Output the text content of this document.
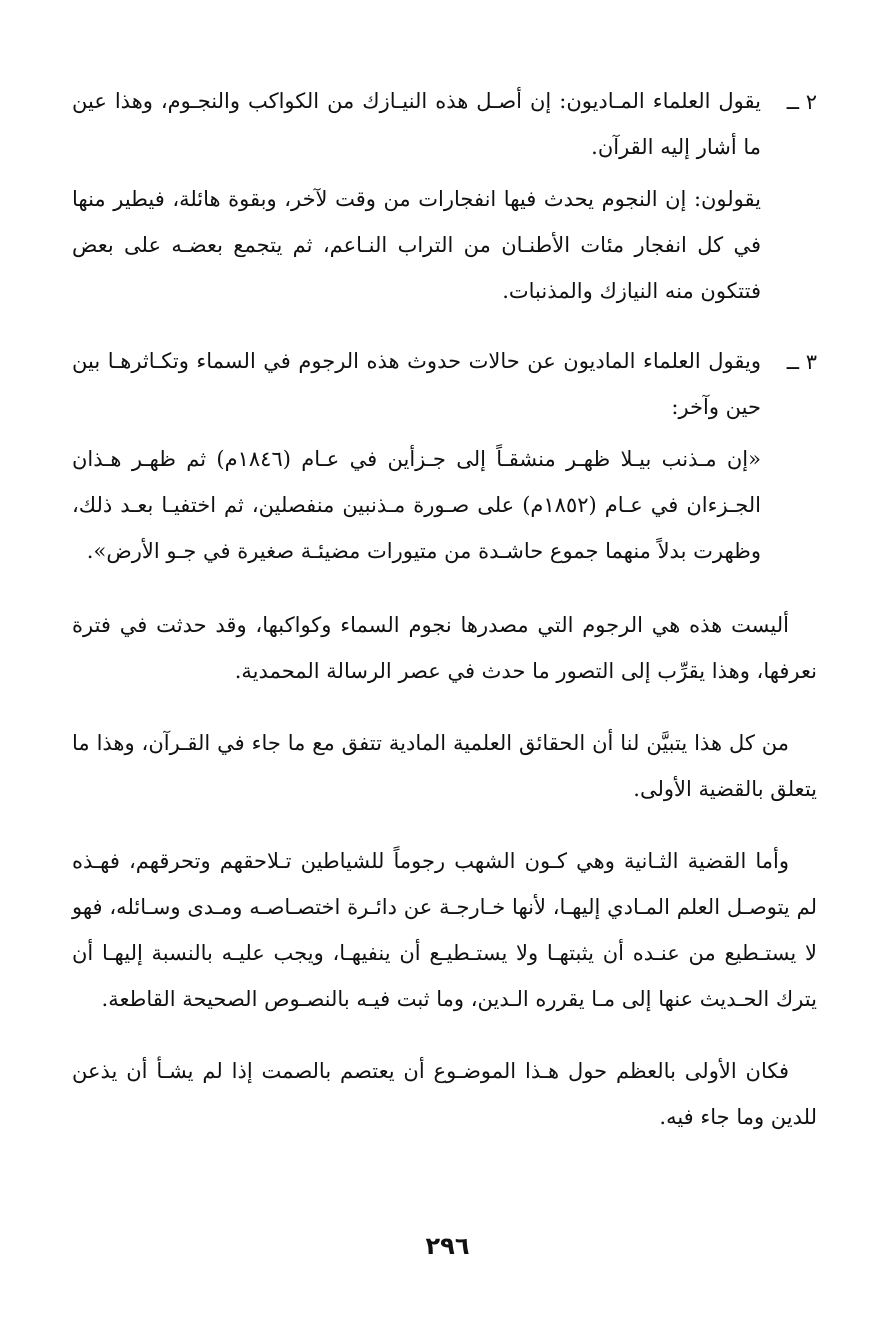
٢ ــ

يقول العلماء المـاديون: إن أصـل هذه النيـازك من الكواكب والنجـوم، وهذا عين ما أشار إليه القرآن.

يقولون: إن النجوم يحدث فيها انفجارات من وقت لآخر، وبقوة هائلة، فيطير منها في كل انفجار مئات الأطنـان من التراب النـاعم، ثم يتجمع بعضـه على بعض فتتكون منه النيازك والمذنبات.

٣ ــ

ويقول العلماء الماديون عن حالات حدوث هذه الرجوم في السماء وتكـاثرهـا بين حين وآخر:

«إن مـذنب بيـلا ظهـر منشقـاً إلى جـزأين في عـام (١٨٤٦م) ثم ظهـر هـذان الجـزءان في عـام (١٨٥٢م) على صـورة مـذنبين منفصلين، ثم اختفيـا بعـد ذلك، وظهرت بدلاً منهما جموع حاشـدة من متيورات مضيئـة صغيرة في جـو الأرض».

أليست هذه هي الرجوم التي مصدرها نجوم السماء وكواكبها، وقد حدثت في فترة نعرفها، وهذا يقرِّب إلى التصور ما حدث في عصر الرسالة المحمدية.

من كل هذا يتبيَّن لنا أن الحقائق العلمية المادية تتفق مع ما جاء في القـرآن، وهذا ما يتعلق بالقضية الأولى.

وأما القضية الثـانية وهي كـون الشهب رجوماً للشياطين تـلاحقهم وتحرقهم، فهـذه لم يتوصـل العلم المـادي إليهـا، لأنها خـارجـة عن دائـرة اختصـاصـه ومـدى وسـائله، فهو لا يستـطيع من عنـده أن يثبتهـا ولا يستـطيـع أن ينفيهـا، ويجب عليـه بالنسبة إليهـا أن يترك الحـديث عنها إلى مـا يقرره الـدين، وما ثبت فيـه بالنصـوص الصحيحة القاطعة.

فكان الأولى بالعظم حول هـذا الموضـوع أن يعتصم بالصمت إذا لم يشـأ أن يذعن للدين وما جاء فيه.

٢٩٦
